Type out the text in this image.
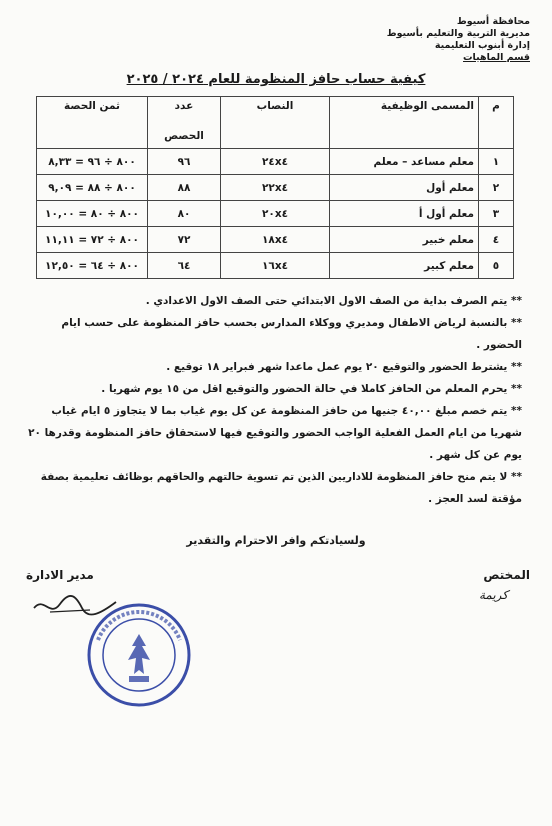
محافظة أسيوط
مديرية التربية والتعليم بأسيوط
إدارة أبنوب التعليمية
قسم الماهيات
كيفية حساب حافز المنظومة للعام ٢٠٢٤ / ٢٠٢٥
م	المسمى الوظيفية	النصاب	عدد
الحصص	ثمن الحصة
١	معلم مساعد – معلم	٢٤x٤	٩٦	٨٠٠ ÷ ٩٦ = ٨,٣٣
٢	معلم أول	٢٢x٤	٨٨	٨٠٠ ÷ ٨٨ = ٩,٠٩
٣	معلم أول أ	٢٠x٤	٨٠	٨٠٠ ÷ ٨٠ = ١٠,٠٠
٤	معلم خبير	١٨x٤	٧٢	٨٠٠ ÷ ٧٢ = ١١,١١
٥	معلم كبير	١٦x٤	٦٤	٨٠٠ ÷ ٦٤ = ١٢,٥٠

** يتم الصرف بداية من الصف الاول الابتدائي حتى الصف الاول الاعدادي .

** بالنسبة لرياض الاطفال ومديري ووكلاء المدارس بحسب حافز المنظومة على حسب ايام الحضور .

** يشترط الحضور والتوقيع ٢٠ يوم عمل ماعدا شهر فبراير ١٨ توقيع .

** يحرم المعلم من الحافز كاملا في حالة الحضور والتوقيع اقل من ١٥ يوم شهريا .

** يتم خصم مبلغ ٤٠,٠٠ جنيها من حافز المنظومة عن كل يوم غياب بما لا يتجاوز ٥ ايام غياب شهريا من ايام العمل الفعلية الواجب الحضور والتوقيع فيها لاستحقاق حافز المنظومة وقدرها ٢٠ يوم عن كل شهر .

** لا يتم منح حافز المنظومة للاداريين الذين تم تسوية حالتهم والحاقهم بوظائف تعليمية بصفة مؤقتة لسد العجز .

ولسيادتكم وافر الاحترام والتقدير
المختص
كريمة
مدير الادارة
